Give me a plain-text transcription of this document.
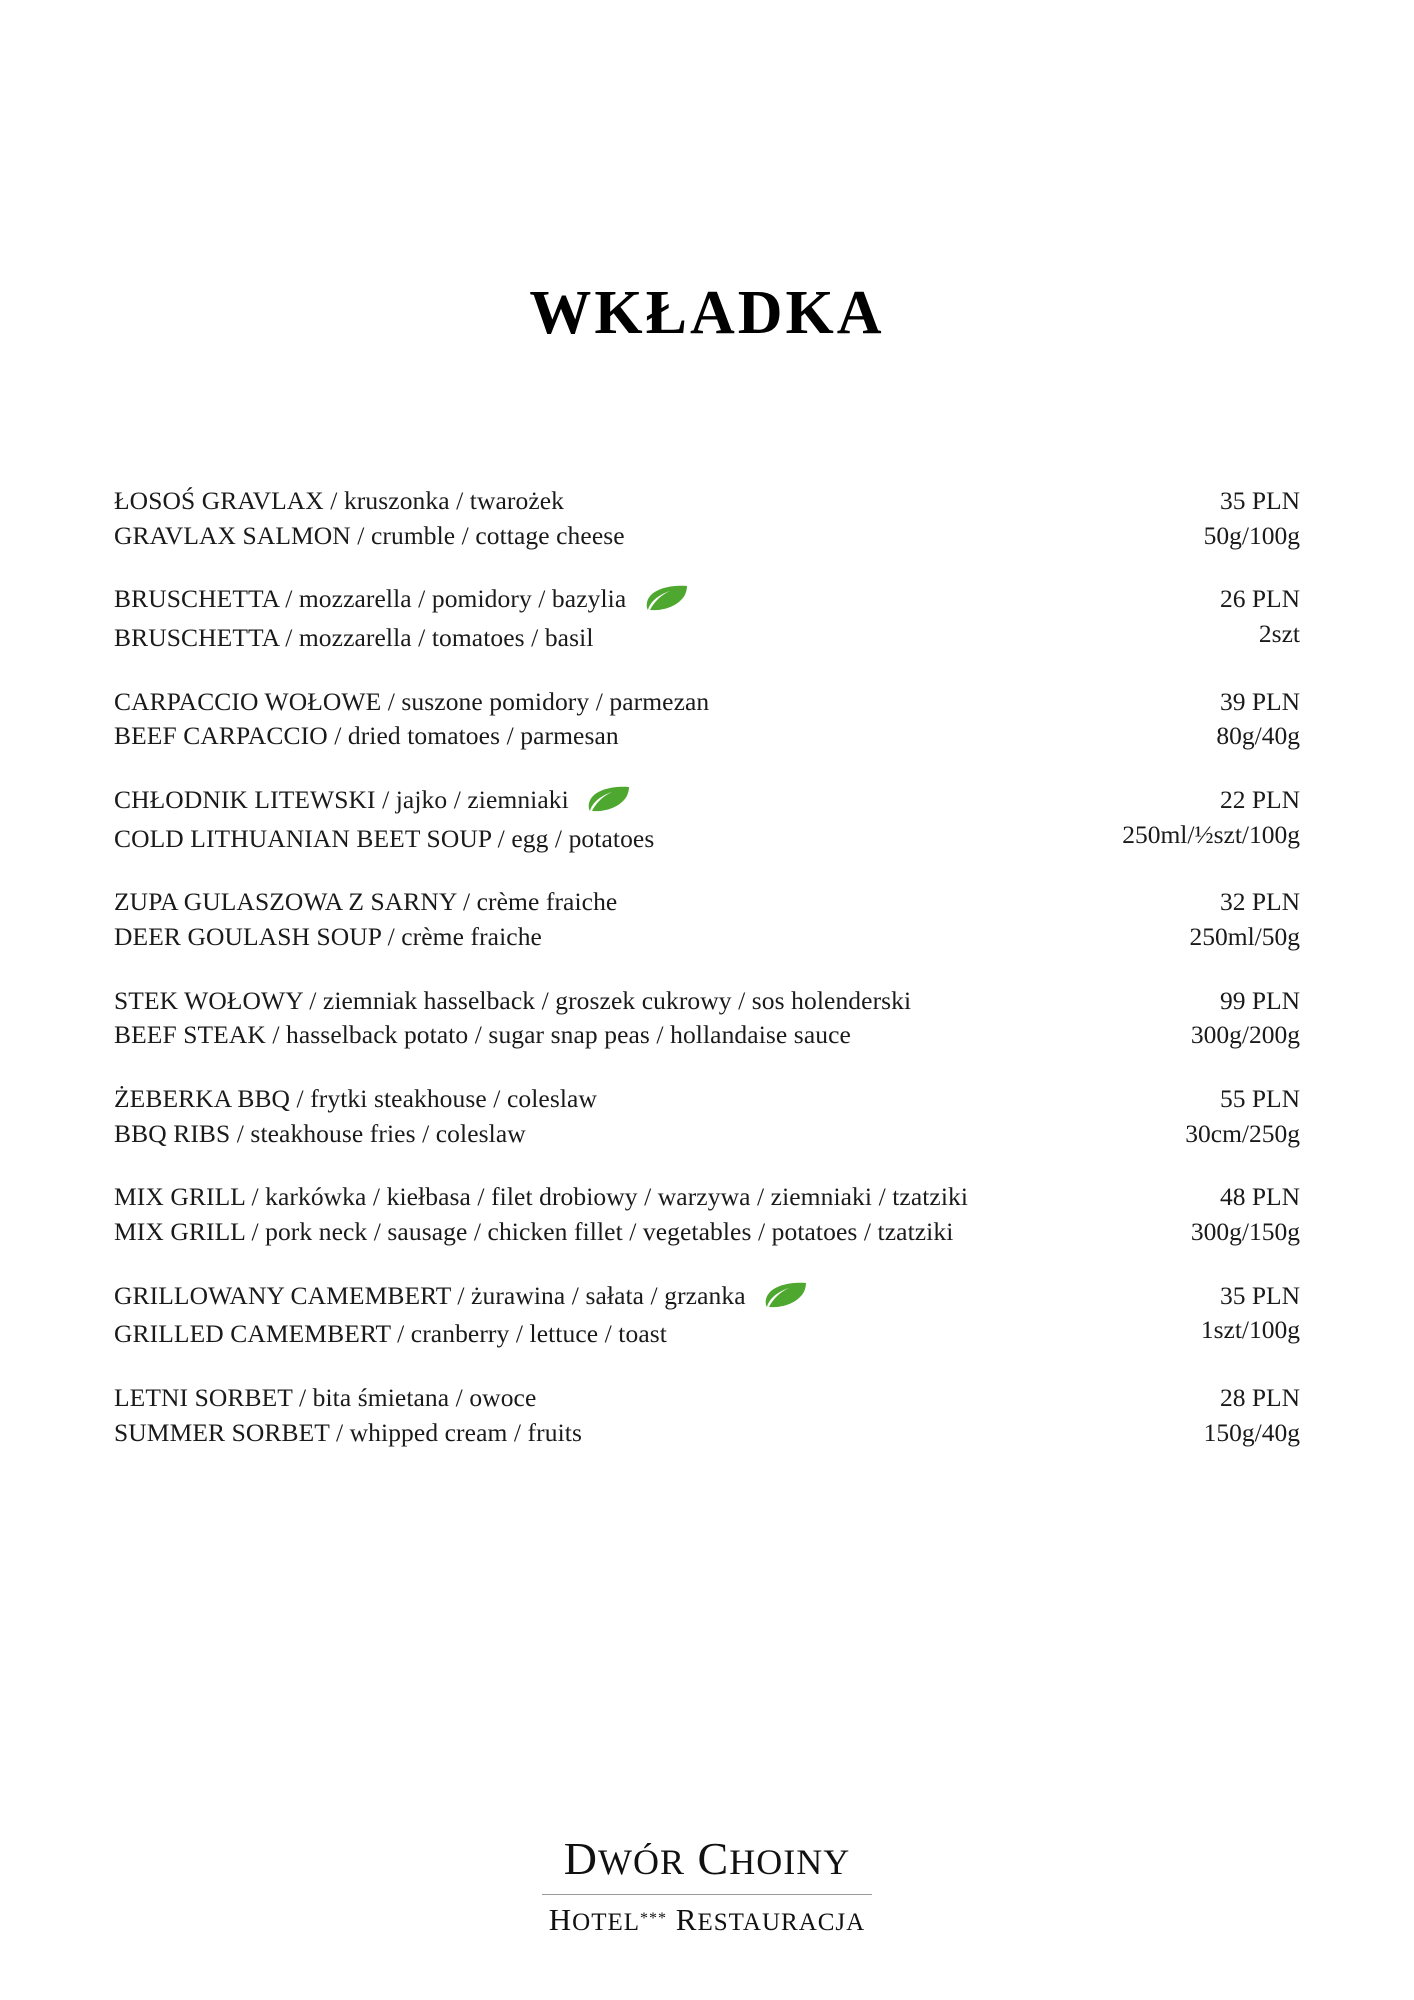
WKŁADKA
ŁOSOŚ GRAVLAX / kruszonka / twarożek
GRAVLAX SALMON / crumble / cottage cheese
35 PLN
50g/100g
BRUSCHETTA / mozzarella / pomidory / bazylia
BRUSCHETTA / mozzarella / tomatoes / basil
26 PLN
2szt
CARPACCIO WOŁOWE / suszone pomidory / parmezan
BEEF CARPACCIO / dried tomatoes / parmesan
39 PLN
80g/40g
CHŁODNIK LITEWSKI / jajko / ziemniaki
COLD LITHUANIAN BEET SOUP / egg / potatoes
22 PLN
250ml/½szt/100g
ZUPA GULASZOWA Z SARNY / crème fraiche
DEER GOULASH SOUP / crème fraiche
32 PLN
250ml/50g
STEK WOŁOWY / ziemniak hasselback / groszek cukrowy / sos holenderski
BEEF STEAK / hasselback potato / sugar snap peas / hollandaise sauce
99 PLN
300g/200g
ŻEBERKA BBQ / frytki steakhouse / coleslaw
BBQ RIBS / steakhouse fries / coleslaw
55 PLN
30cm/250g
MIX GRILL / karkówka / kiełbasa / filet drobiowy / warzywa / ziemniaki / tzatziki
MIX GRILL / pork neck / sausage / chicken fillet / vegetables / potatoes / tzatziki
48 PLN
300g/150g
GRILLOWANY CAMEMBERT / żurawina / sałata / grzanka
GRILLED CAMEMBERT / cranberry / lettuce / toast
35 PLN
1szt/100g
LETNI SORBET / bita śmietana / owoce
SUMMER SORBET / whipped cream / fruits
28 PLN
150g/40g
DWÓR CHOINY
HOTEL*** RESTAURACJA
